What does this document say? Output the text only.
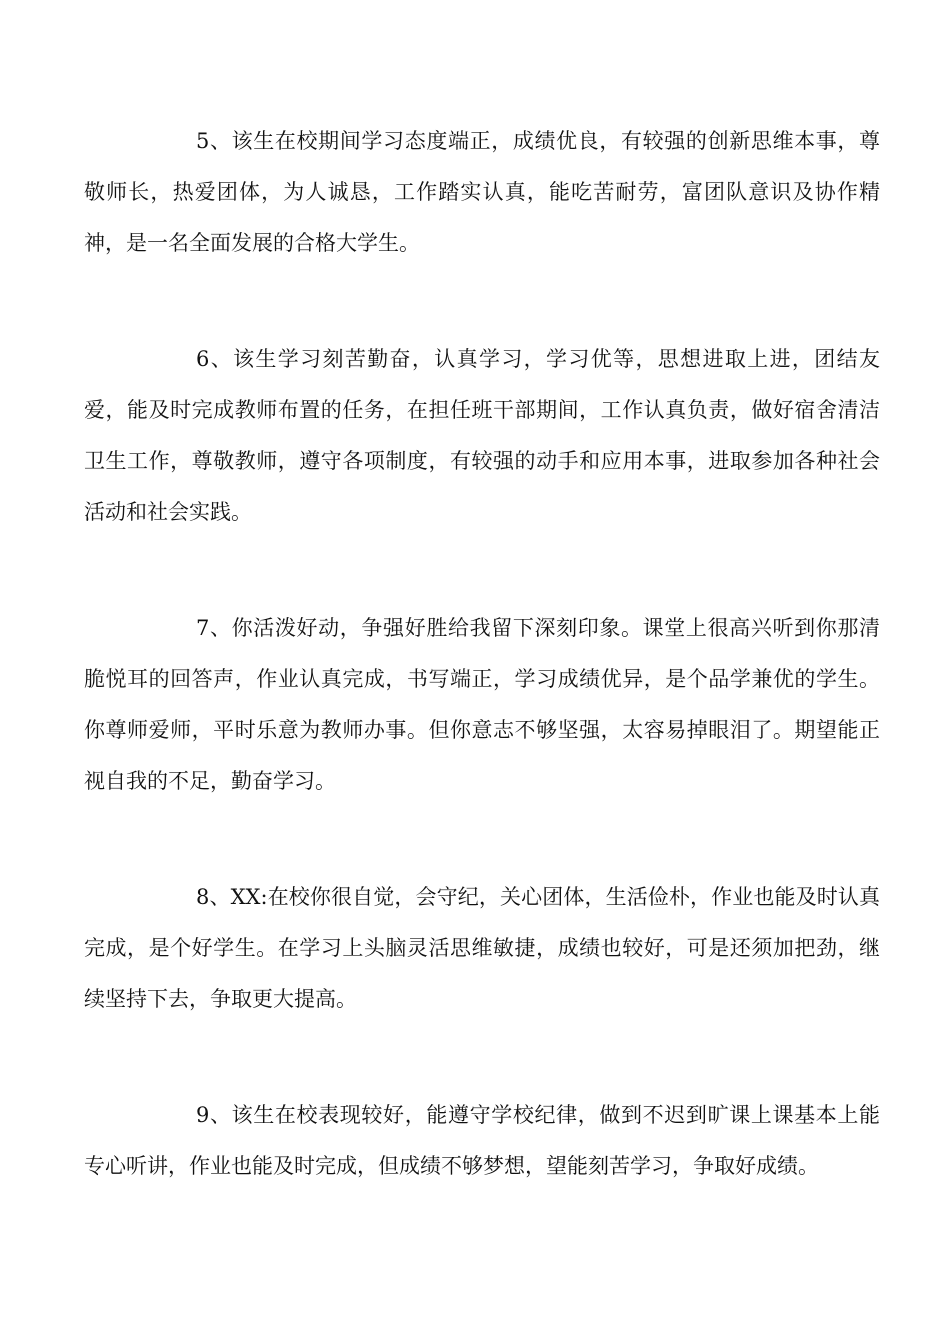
5、该生在校期间学习态度端正，成绩优良，有较强的创新思维本事，尊敬师长，热爱团体，为人诚恳，工作踏实认真，能吃苦耐劳，富团队意识及协作精神，是一名全面发展的合格大学生。

6、该生学习刻苦勤奋，认真学习，学习优等，思想进取上进，团结友爱，能及时完成教师布置的任务，在担任班干部期间，工作认真负责，做好宿舍清洁卫生工作，尊敬教师，遵守各项制度，有较强的动手和应用本事，进取参加各种社会活动和社会实践。

7、你活泼好动，争强好胜给我留下深刻印象。课堂上很高兴听到你那清脆悦耳的回答声，作业认真完成，书写端正，学习成绩优异，是个品学兼优的学生。你尊师爱师，平时乐意为教师办事。但你意志不够坚强，太容易掉眼泪了。期望能正视自我的不足，勤奋学习。

8、XX:在校你很自觉，会守纪，关心团体，生活俭朴，作业也能及时认真完成，是个好学生。在学习上头脑灵活思维敏捷，成绩也较好，可是还须加把劲，继续坚持下去，争取更大提高。

9、该生在校表现较好，能遵守学校纪律，做到不迟到旷课上课基本上能专心听讲，作业也能及时完成，但成绩不够梦想，望能刻苦学习，争取好成绩。
